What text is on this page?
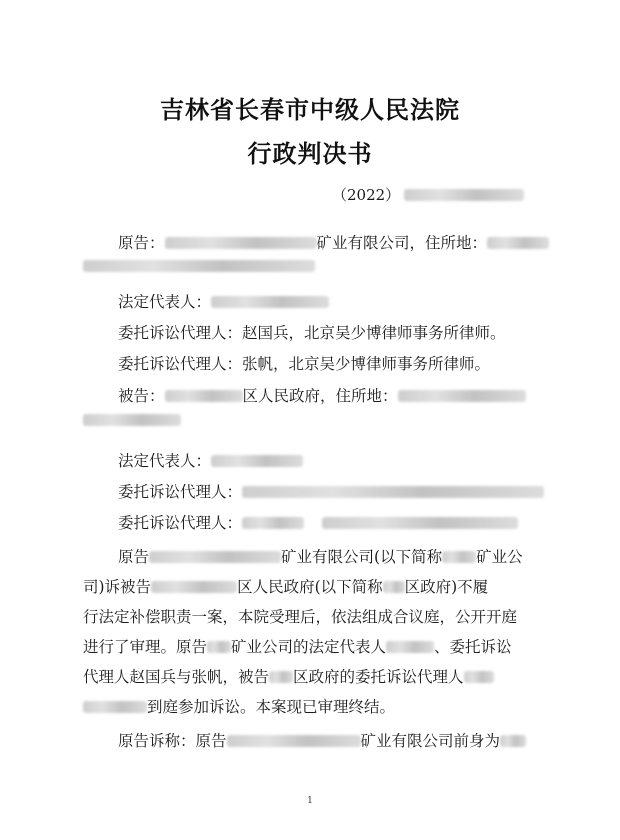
吉林省长春市中级人民法院
行政判决书
（2022）
原告：	矿业有限公司，住所地：
法定代表人：
委托诉讼代理人：赵国兵，北京吴少博律师事务所律师。
委托诉讼代理人：张帆，北京吴少博律师事务所律师。
被告：	区人民政府，住所地：
法定代表人：
委托诉讼代理人：
委托诉讼代理人：
原告	矿业有限公司(以下简称 矿业公
司)诉被告	区人民政府(以下简称 区政府)不履
行法定补偿职责一案，本院受理后，依法组成合议庭，公开开庭
进行了审理。原告 矿业公司的法定代表人	、委托诉讼
代理人赵国兵与张帆，被告 区政府的委托诉讼代理人
到庭参加诉讼。本案现已审理终结。
原告诉称：原告	矿业有限公司前身为
1
